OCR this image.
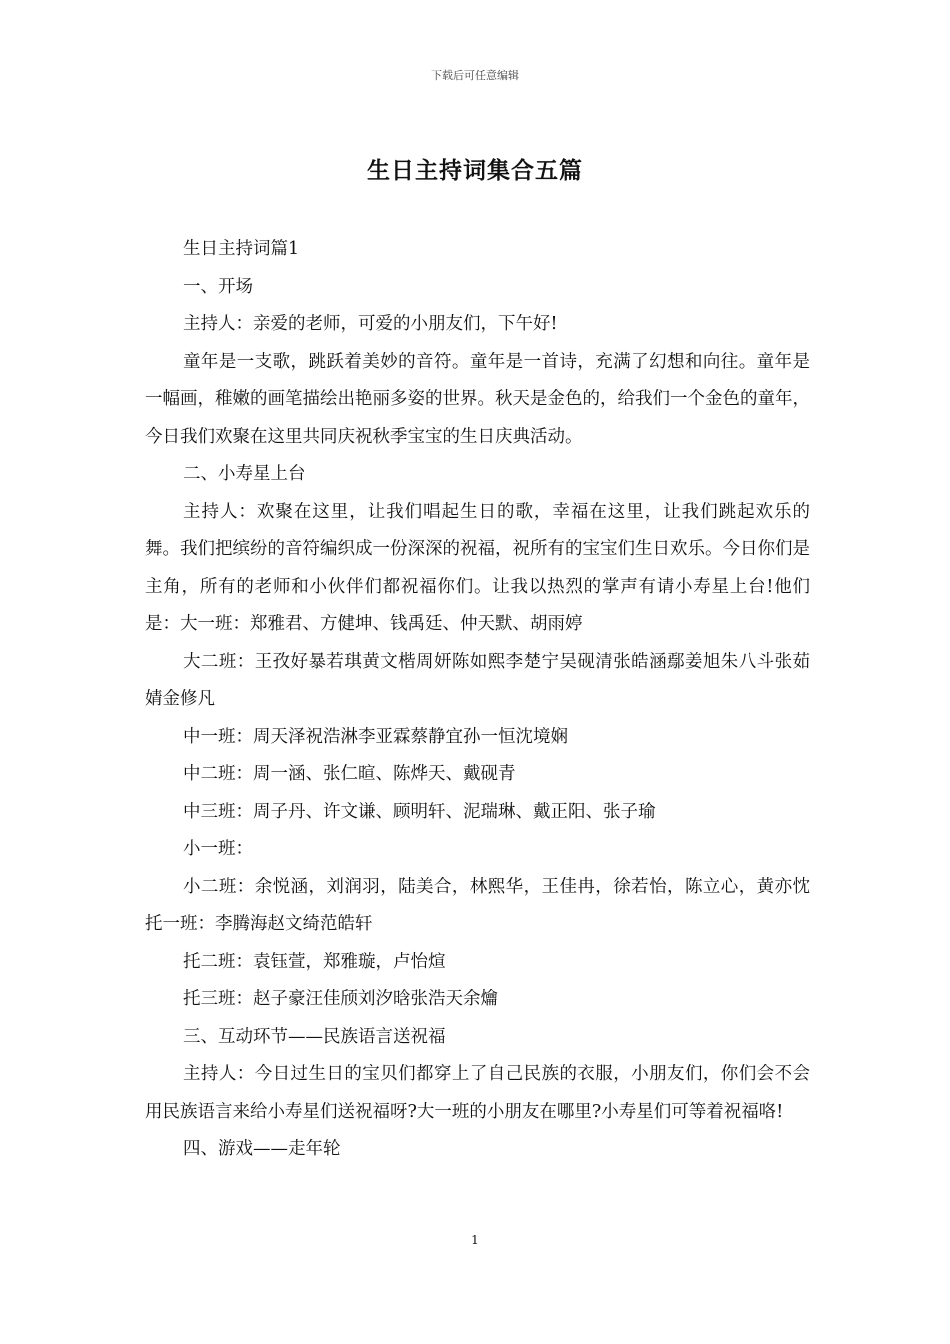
下载后可任意编辑
生日主持词集合五篇

生日主持词篇1

一、开场

主持人：亲爱的老师，可爱的小朋友们，下午好!

童年是一支歌，跳跃着美妙的音符。童年是一首诗，充满了幻想和向往。童年是一幅画，稚嫩的画笔描绘出艳丽多姿的世界。秋天是金色的，给我们一个金色的童年，今日我们欢聚在这里共同庆祝秋季宝宝的生日庆典活动。

二、小寿星上台

主持人：欢聚在这里，让我们唱起生日的歌，幸福在这里，让我们跳起欢乐的舞。我们把缤纷的音符编织成一份深深的祝福，祝所有的宝宝们生日欢乐。今日你们是主角，所有的老师和小伙伴们都祝福你们。让我以热烈的掌声有请小寿星上台!他们是：大一班：郑雅君、方健坤、钱禹廷、仲天默、胡雨婷

大二班：王孜好暴若琪黄文楷周妍陈如熙李楚宁吴砚清张皓涵鄢姜旭朱八斗张茹婧金修凡

中一班：周天泽祝浩淋李亚霖蔡静宜孙一恒沈境娴

中二班：周一涵、张仁暄、陈烨天、戴砚青

中三班：周子丹、许文谦、顾明轩、泥瑞琳、戴正阳、张子瑜

小一班：

小二班：余悦涵，刘润羽，陆美合，林熙华，王佳冉，徐若怡，陈立心，黄亦忱托一班：李腾海赵文绮范皓轩

托二班：袁钰萱，郑雅璇，卢怡煊

托三班：赵子豪汪佳颀刘汐晗张浩天余爚

三、互动环节——民族语言送祝福

主持人：今日过生日的宝贝们都穿上了自己民族的衣服，小朋友们，你们会不会用民族语言来给小寿星们送祝福呀?大一班的小朋友在哪里?小寿星们可等着祝福咯!

四、游戏——走年轮

1
